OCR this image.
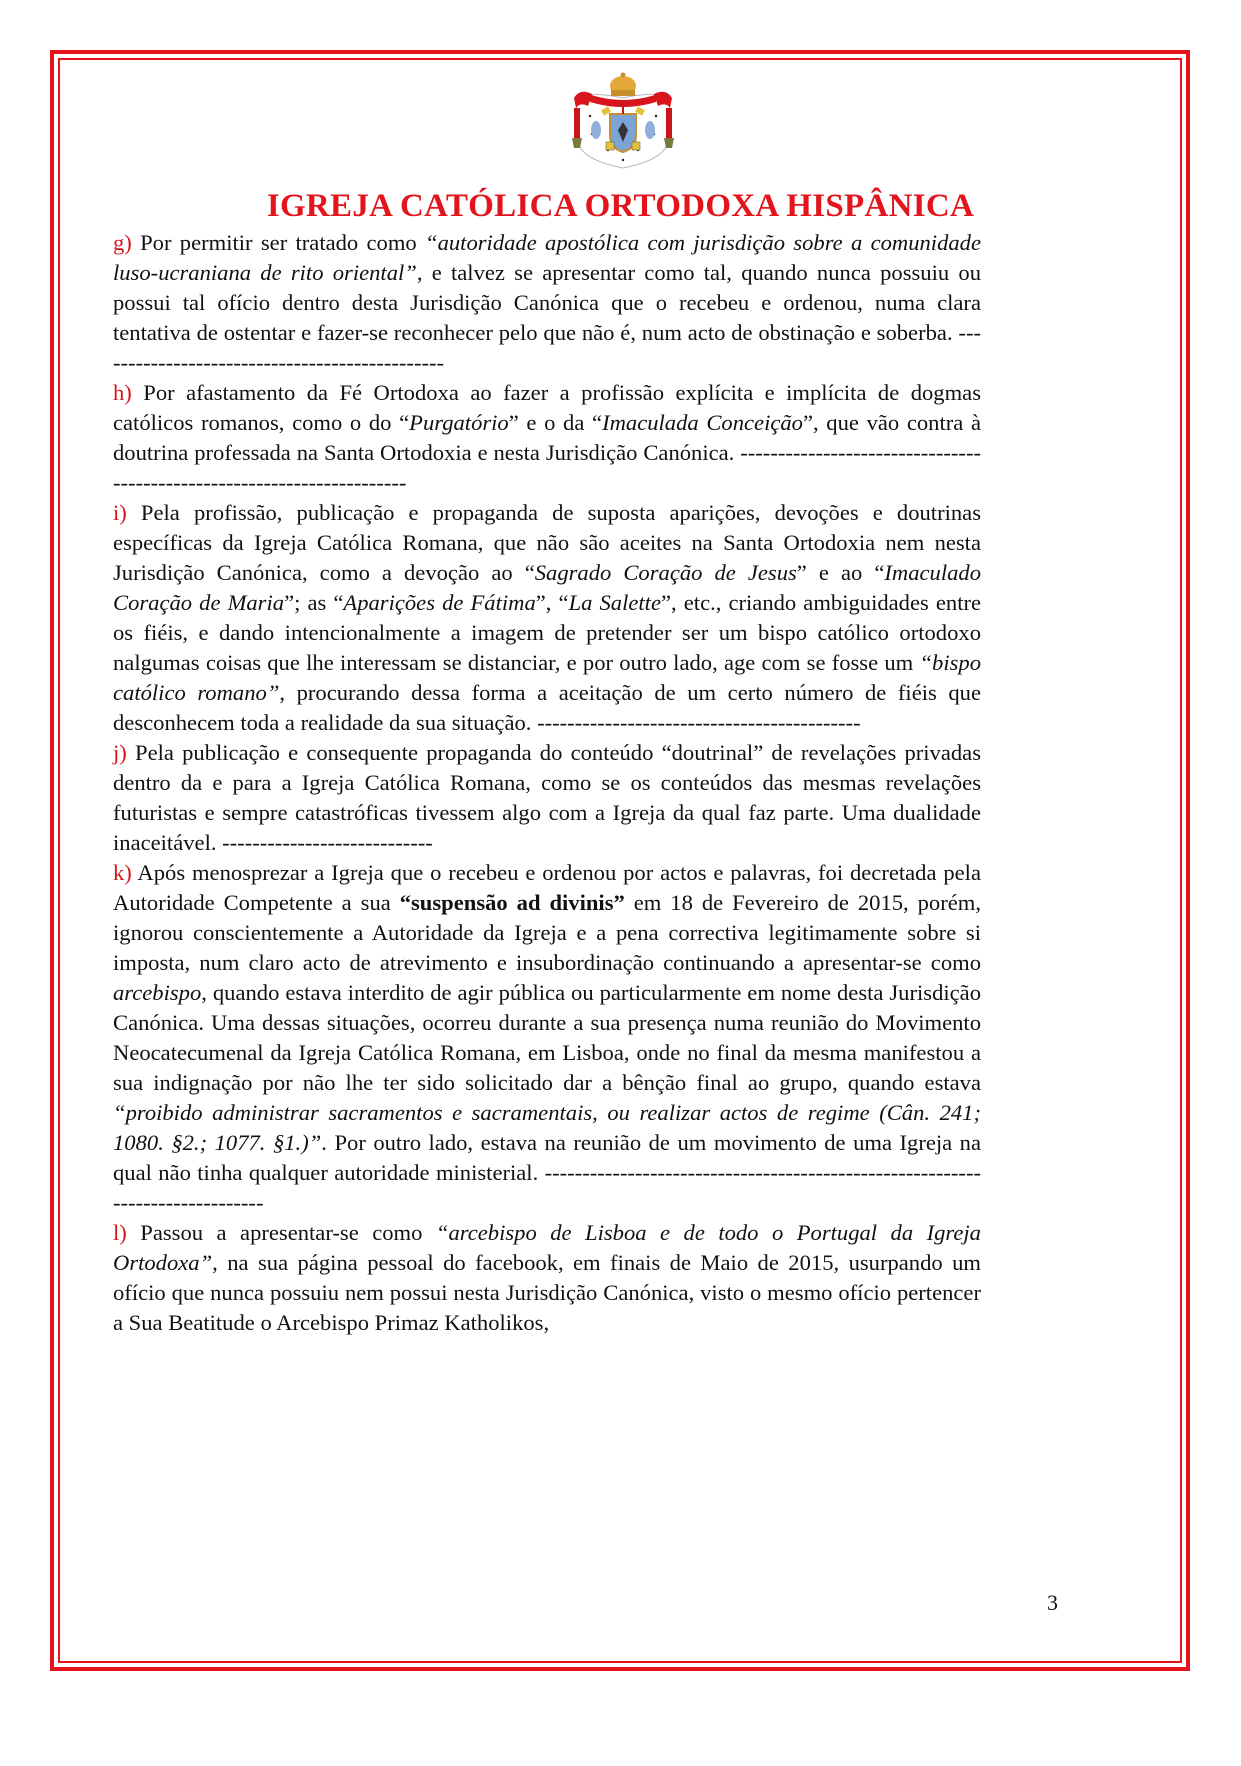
IGREJA CATÓLICA ORTODOXA HISPÂNICA

g) Por permitir ser tratado como “autoridade apostólica com jurisdição sobre a comunidade luso-ucraniana de rito oriental”, e talvez se apresentar como tal, quando nunca possuiu ou possui tal ofício dentro desta Jurisdição Canónica que o recebeu e ordenou, numa clara tentativa de ostentar e fazer-se reconhecer pelo que não é, num acto de obstinação e soberba. -----------------------------------------------

h) Por afastamento da Fé Ortodoxa ao fazer a profissão explícita e implícita de dogmas católicos romanos, como o do “Purgatório” e o da “Imaculada Conceição”, que vão contra à doutrina professada na Santa Ortodoxia e nesta Jurisdição Canónica. -----------------------------------------------------------------------

i) Pela profissão, publicação e propaganda de suposta aparições, devoções e doutrinas específicas da Igreja Católica Romana, que não são aceites na Santa Ortodoxia nem nesta Jurisdição Canónica, como a devoção ao “Sagrado Coração de Jesus” e ao “Imaculado Coração de Maria”; as “Aparições de Fátima”, “La Salette”, etc., criando ambiguidades entre os fiéis, e dando intencionalmente a imagem de pretender ser um bispo católico ortodoxo nalgumas coisas que lhe interessam se distanciar, e por outro lado, age com se fosse um “bispo católico romano”, procurando dessa forma a aceitação de um certo número de fiéis que desconhecem toda a realidade da sua situação. -------------------------------------------

j) Pela publicação e consequente propaganda do conteúdo “doutrinal” de revelações privadas dentro da e para a Igreja Católica Romana, como se os conteúdos das mesmas revelações futuristas e sempre catastróficas tivessem algo com a Igreja da qual faz parte. Uma dualidade inaceitável. ----------------------------

k) Após menosprezar a Igreja que o recebeu e ordenou por actos e palavras, foi decretada pela Autoridade Competente a sua “suspensão ad divinis” em 18 de Fevereiro de 2015, porém, ignorou conscientemente a Autoridade da Igreja e a pena correctiva legitimamente sobre si imposta, num claro acto de atrevimento e insubordinação continuando a apresentar-se como arcebispo, quando estava interdito de agir pública ou particularmente em nome desta Jurisdição Canónica. Uma dessas situações, ocorreu durante a sua presença numa reunião do Movimento Neocatecumenal da Igreja Católica Romana, em Lisboa, onde no final da mesma manifestou a sua indignação por não lhe ter sido solicitado dar a bênção final ao grupo, quando estava “proibido administrar sacramentos e sacramentais, ou realizar actos de regime (Cân. 241; 1080. §2.; 1077. §1.)”. Por outro lado, estava na reunião de um movimento de uma Igreja na qual não tinha qualquer autoridade ministerial. ------------------------------------------------------------------------------

l) Passou a apresentar-se como “arcebispo de Lisboa e de todo o Portugal da Igreja Ortodoxa”, na sua página pessoal do facebook, em finais de Maio de 2015, usurpando um ofício que nunca possuiu nem possui nesta Jurisdição Canónica, visto o mesmo ofício pertencer a Sua Beatitude o Arcebispo Primaz Katholikos,

3
